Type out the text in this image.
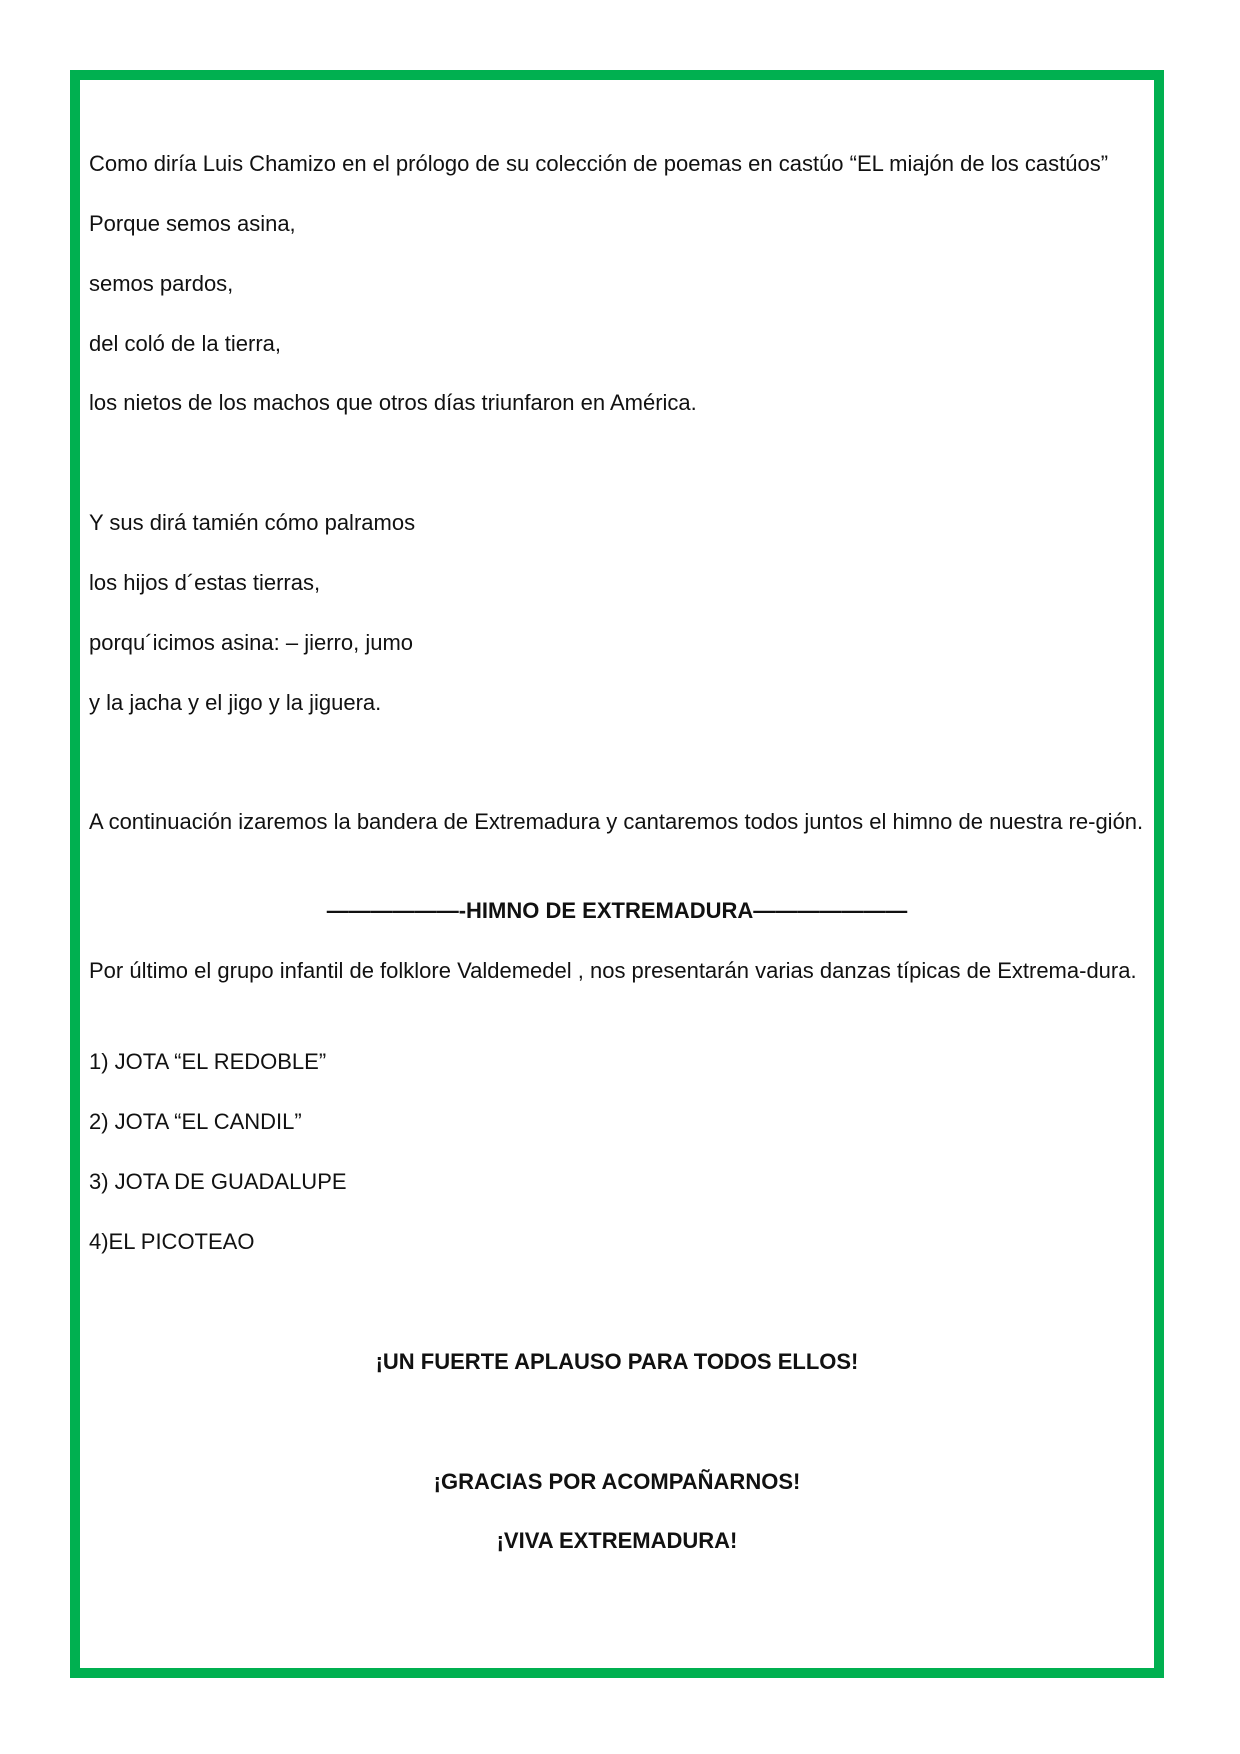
Como diría Luis Chamizo en el prólogo de su colección de poemas en castúo “EL miajón de los castúos”
Porque semos asina,
semos pardos,
del coló de la tierra,
los nietos de los machos que otros días triunfaron en América.
Y sus dirá tamién cómo palramos
los hijos d´estas tierras,
porqu´icimos asina: – jierro, jumo
y la jacha y el jigo y la jiguera.
A continuación izaremos la bandera de Extremadura y cantaremos todos juntos el himno de nuestra re-gión.
——————-HIMNO DE EXTREMADURA———————
Por último el grupo infantil de folklore Valdemedel , nos presentarán varias danzas típicas de Extrema-dura.
1) JOTA “EL REDOBLE”
2) JOTA “EL CANDIL”
3) JOTA DE GUADALUPE
4)EL PICOTEAO
¡UN FUERTE APLAUSO PARA TODOS ELLOS!
¡GRACIAS POR ACOMPAÑARNOS!
¡VIVA EXTREMADURA!
